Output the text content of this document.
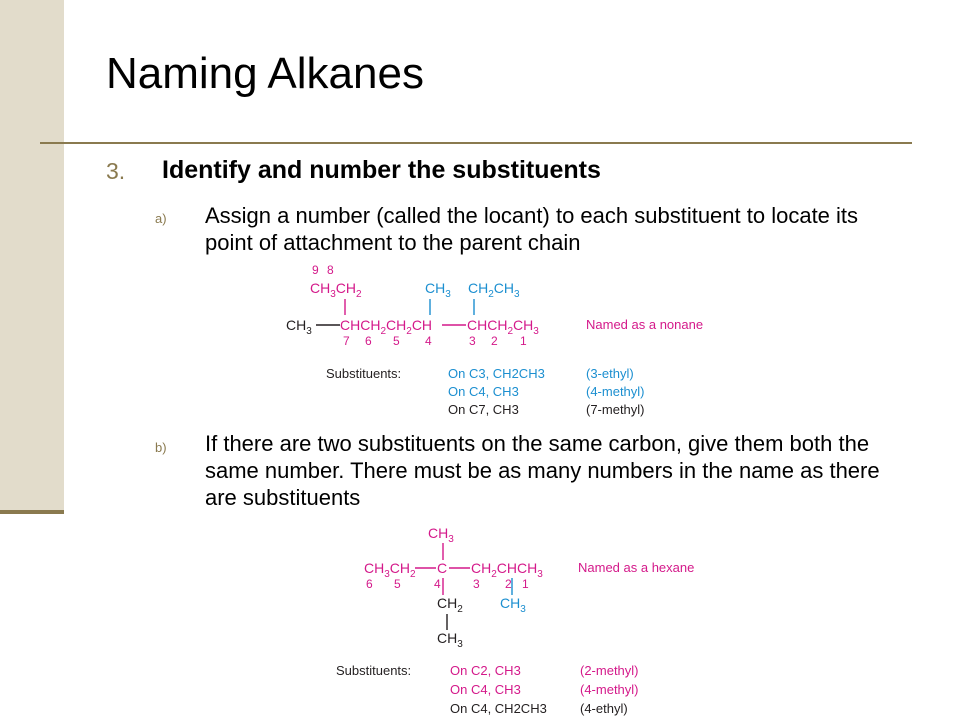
Naming Alkanes
3. Identify and number the substituents
a) Assign a number (called the locant) to each substituent to locate its point of attachment to the parent chain
9 8
$CH_3CH_2$	$CH_3$ $CH_2CH_3$
$CH_3$ $CHCH_2CH_2CH$ $CHCH_2CH_3$	Named as a nonane
7 6 5 4	3 2 1
Substituents:	On C3, CH2CH3	(3-ethyl)
On C4, CH3	(4-methyl)
On C7, CH3	(7-methyl)
b) If there are two substituents on the same carbon, give them both the same number. There must be as many numbers in the name as there are substituents
$CH_3$
$CH_3CH_2$ C $CH_2CHCH_3$	Named as a hexane
6 5	4	3 2 1
$CH_2$	$CH_3$
$CH_3$
Substituents:	On C2, CH3	(2-methyl)
On C4, CH3	(4-methyl)
On C4, CH2CH3	(4-ethyl)
